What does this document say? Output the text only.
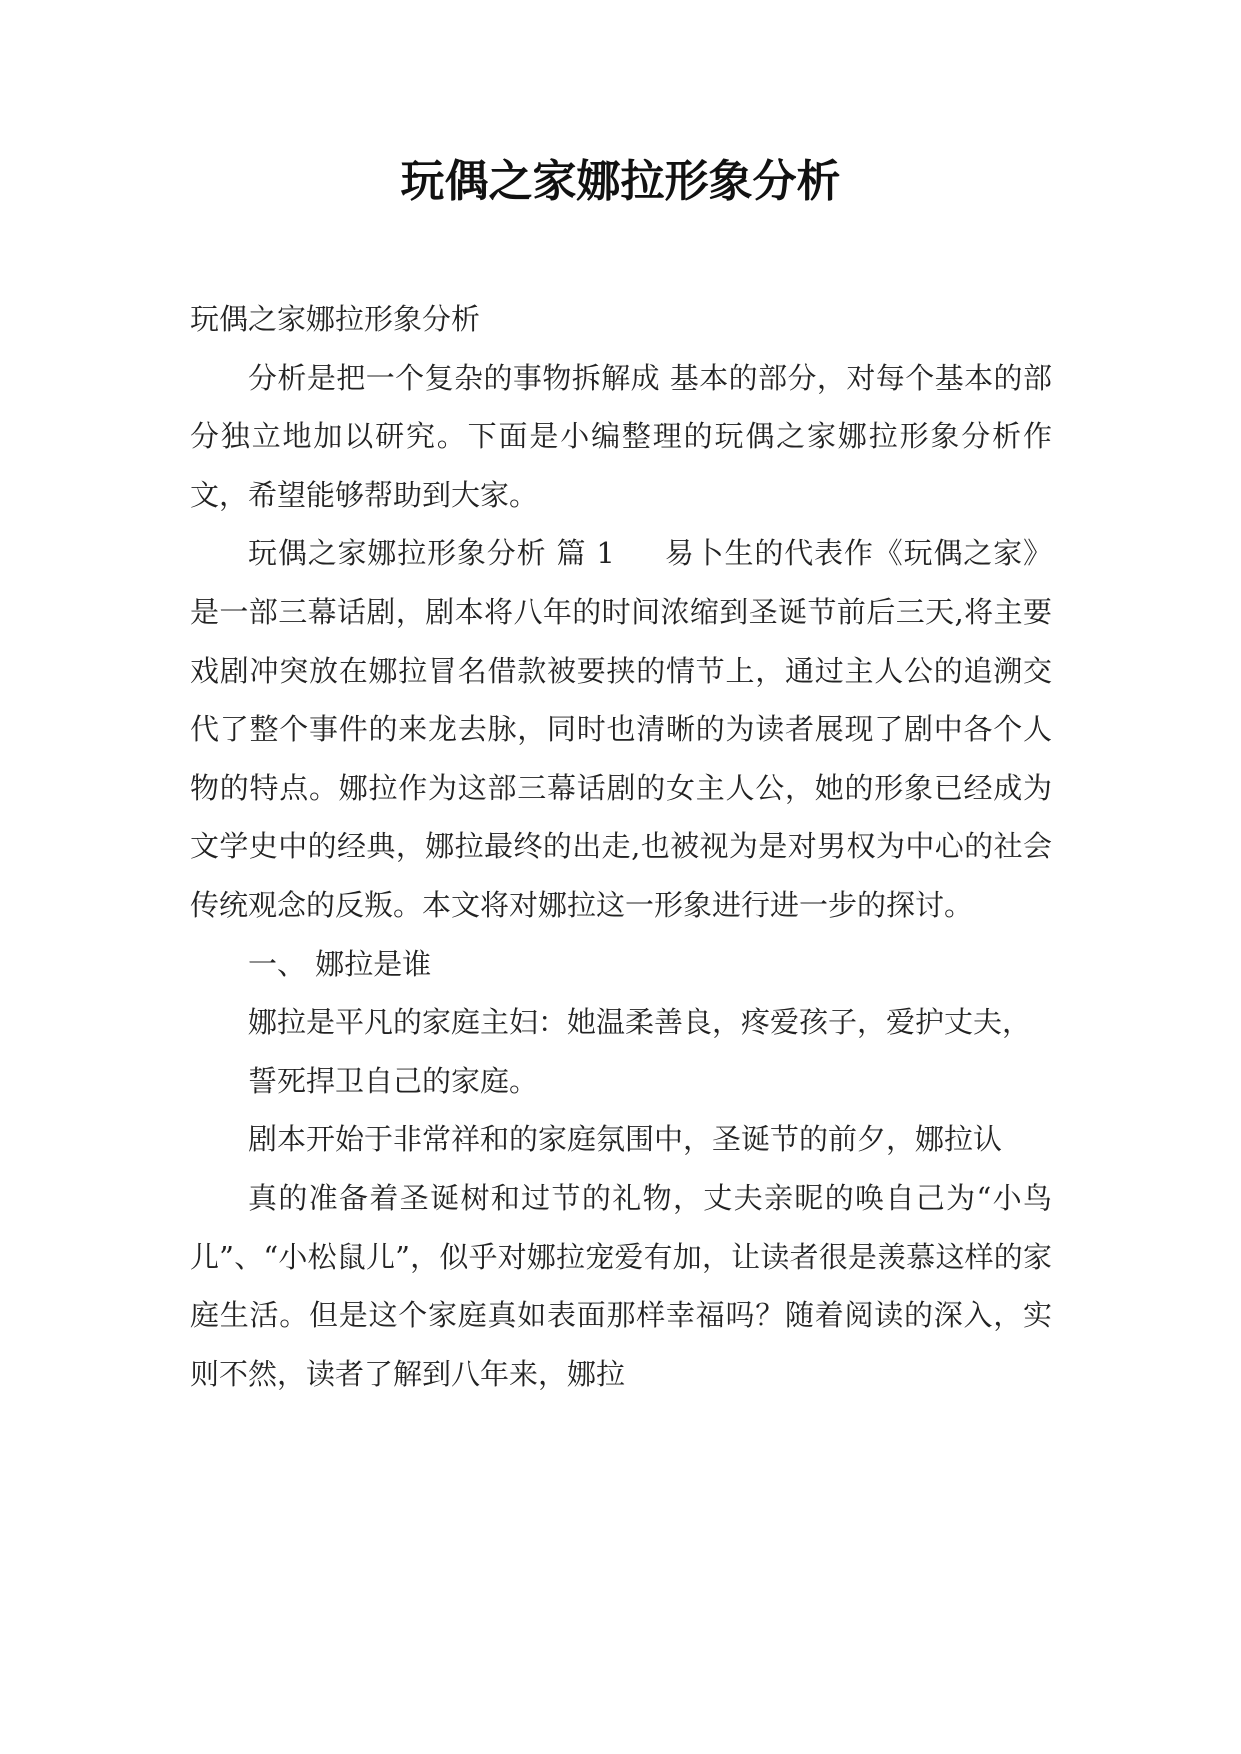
玩偶之家娜拉形象分析

玩偶之家娜拉形象分析

分析是把一个复杂的事物拆解成 基本的部分，对每个基本的部分独立地加以研究。下面是小编整理的玩偶之家娜拉形象分析作文，希望能够帮助到大家。

玩偶之家娜拉形象分析 篇 1 　 易卜生的代表作《玩偶之家》是一部三幕话剧，剧本将八年的时间浓缩到圣诞节前后三天,将主要戏剧冲突放在娜拉冒名借款被要挟的情节上，通过主人公的追溯交代了整个事件的来龙去脉，同时也清晰的为读者展现了剧中各个人物的特点。娜拉作为这部三幕话剧的女主人公，她的形象已经成为文学史中的经典，娜拉最终的出走,也被视为是对男权为中心的社会传统观念的反叛。本文将对娜拉这一形象进行进一步的探讨。

一、 娜拉是谁

娜拉是平凡的家庭主妇：她温柔善良，疼爱孩子，爱护丈夫，

誓死捍卫自己的家庭。

剧本开始于非常祥和的家庭氛围中，圣诞节的前夕，娜拉认

真的准备着圣诞树和过节的礼物，丈夫亲昵的唤自己为“小鸟儿”、“小松鼠儿”，似乎对娜拉宠爱有加，让读者很是羡慕这样的家庭生活。但是这个家庭真如表面那样幸福吗？随着阅读的深入，实则不然，读者了解到八年来，娜拉
